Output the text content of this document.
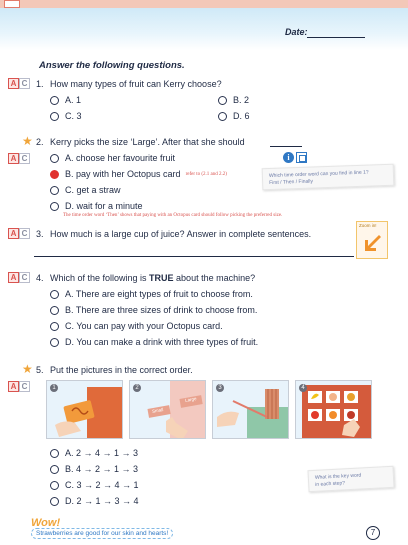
Date:
Answer the following questions.
A C 1. How many types of fruit can Kerry choose?
A. 1	B. 2
C. 3	D. 6
★ 2. Kerry picks the size ‘Large’. After that she should
A C	i
A. choose her favourite fruit
B. pay with her Octopus card refer to (2.1 and 2.2)
C. get a straw
D. wait for a minute
The time order word ‘Then’ shows that paying with an Octopus card should follow picking the preferred size.
Which time order word can you find in line 1?
First / Then / Finally
A C 3. How much is a large cup of juice? Answer in complete sentences.
Zoom in!
A C 4. Which of the following is TRUE about the machine?
A. There are eight types of fruit to choose from.
B. There are three sizes of drink to choose from.
C. You can pay with your Octopus card.
D. You can make a drink with three types of fruit.
★ 5. Put the pictures in the correct order.
A C	1	2
Small
Large
3	4
A. 2 → 4 → 1 → 3
B. 4 → 2 → 1 → 3
C. 3 → 2 → 4 → 1
D. 2 → 1 → 3 → 4
What is the key word
in each step?
Wow!
Strawberries are good for our skin and hearts!	7
